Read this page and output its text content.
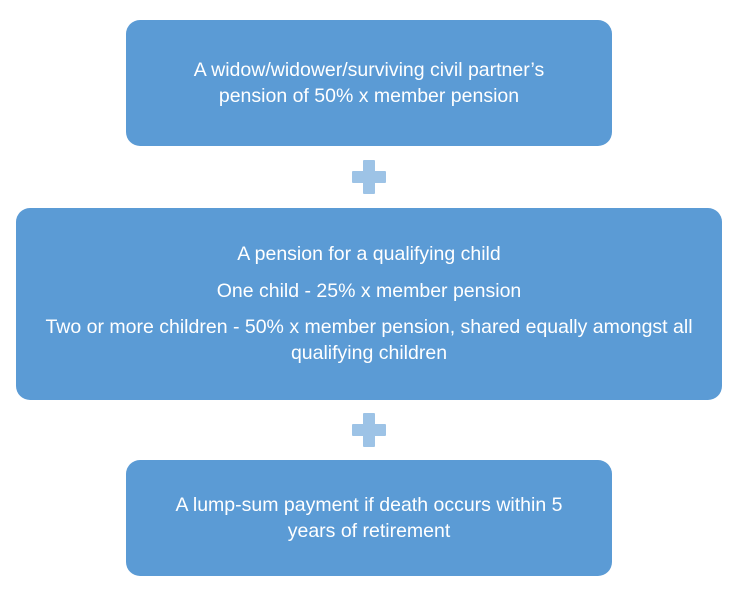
A widow/widower/surviving civil partner’s pension of 50% x member pension

A pension for a qualifying child

One child - 25% x member pension

Two or more children - 50% x member pension, shared equally amongst all qualifying children

A lump-sum payment if death occurs within 5 years of retirement
